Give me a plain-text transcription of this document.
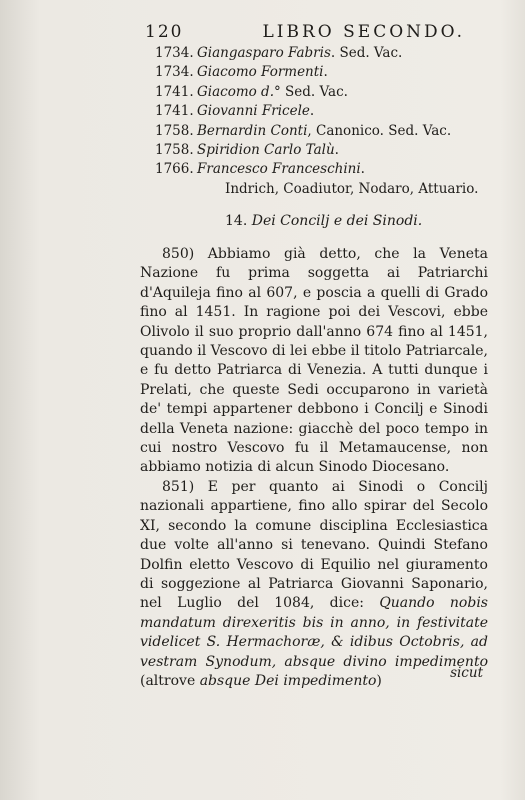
120	LIBRO SECONDO.
1734. Giangasparo Fabris. Sed. Vac.
1734. Giacomo Formenti.
1741. Giacomo d.° Sed. Vac.
1741. Giovanni Fricele.
1758. Bernardin Conti, Canonico. Sed. Vac.
1758. Spiridion Carlo Talù.
1766. Francesco Franceschini.
Indrich, Coadiutor, Nodaro, Attuario.
14. Dei Concilj e dei Sinodi.

850) Abbiamo già detto, che la Veneta Nazione fu prima soggetta ai Patriarchi d'Aquileja fino al 607, e poscia a quelli di Grado fino al 1451. In ragione poi dei Vescovi, ebbe Olivolo il suo proprio dall'anno 674 fino al 1451, quando il Vescovo di lei ebbe il titolo Patriarcale, e fu detto Patriarca di Venezia. A tutti dunque i Prelati, che queste Sedi occuparono in varietà de' tempi appartener debbono i Concilj e Sinodi della Veneta nazione: giacchè del poco tempo in cui nostro Vescovo fu il Metamaucense, non abbiamo notizia di alcun Sinodo Diocesano.

851) E per quanto ai Sinodi o Concilj nazionali appartiene, fino allo spirar del Secolo XI, secondo la comune disciplina Ecclesiastica due volte all'anno si tenevano. Quindi Stefano Dolfin eletto Vescovo di Equilio nel giuramento di soggezione al Patriarca Giovanni Saponario, nel Luglio del 1084, dice: Quando nobis mandatum direxeritis bis in anno, in festivitate videlicet S. Hermachoræ, & idibus Octobris, ad vestram Synodum, absque divino impedimento (altrove absque Dei impedimento)	sicut
